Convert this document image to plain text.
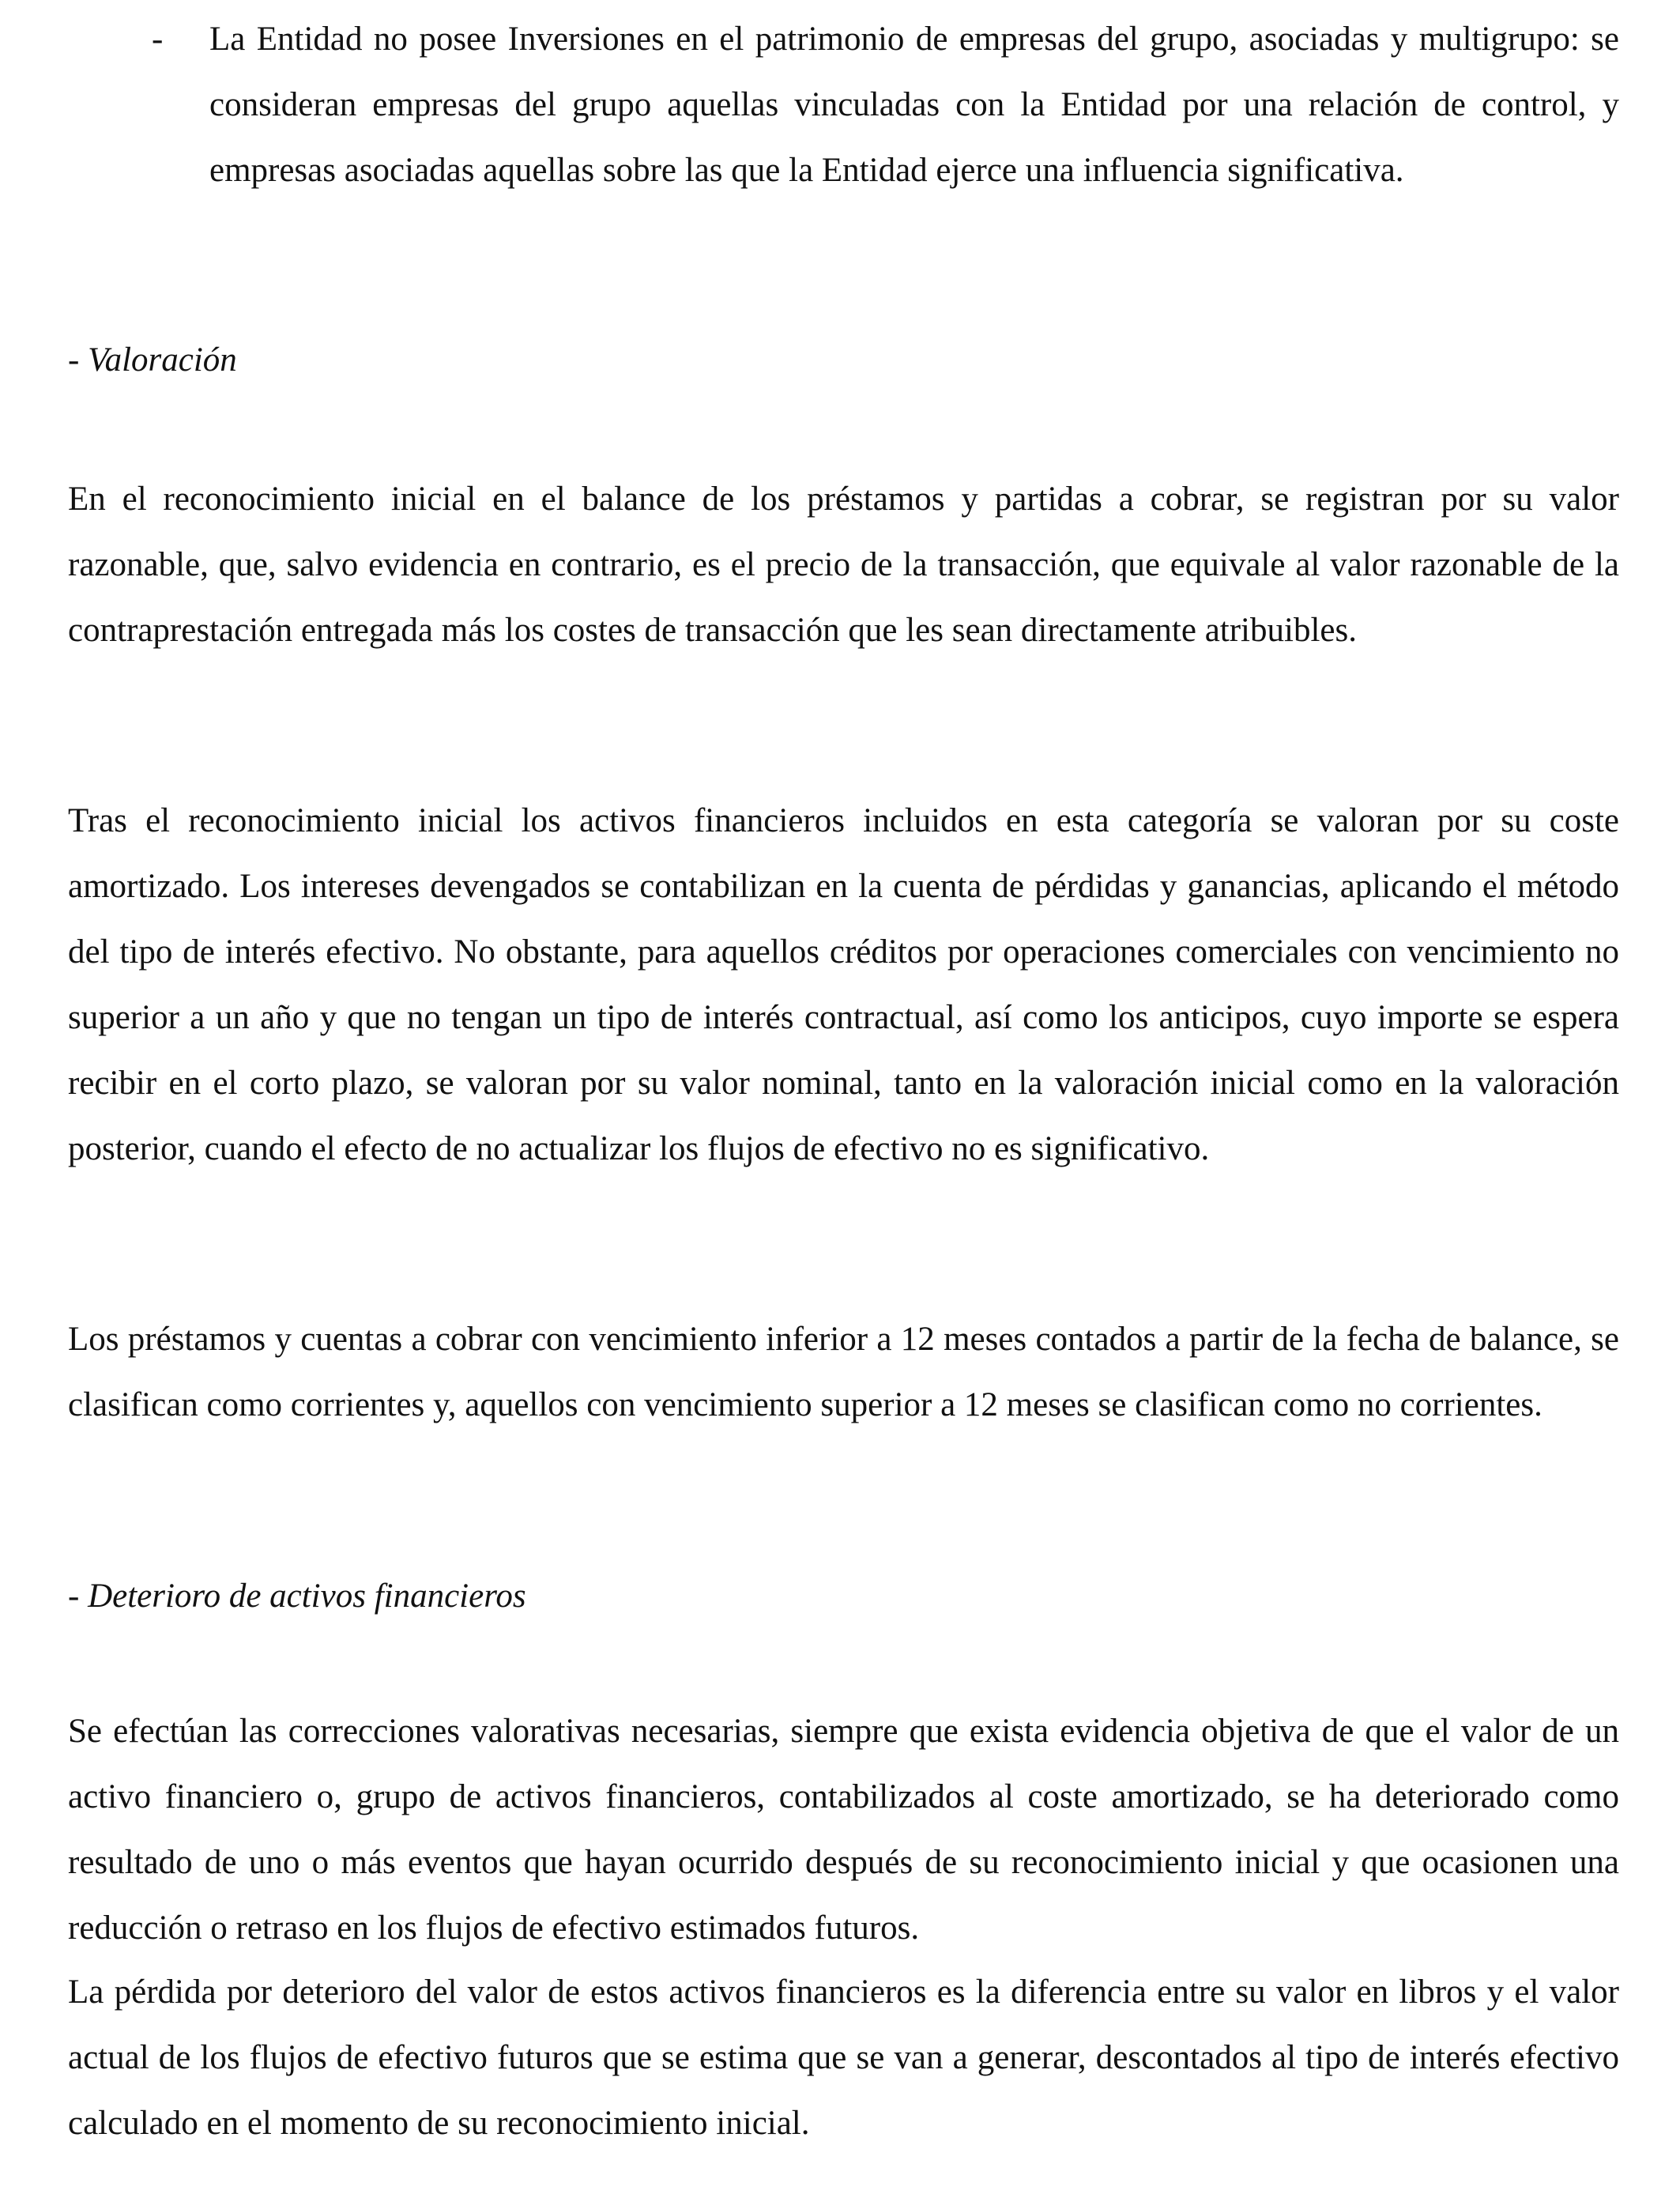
-	La Entidad no posee Inversiones en el patrimonio de empresas del grupo, asociadas y multigrupo: se consideran empresas del grupo aquellas vinculadas con la Entidad por una relación de control, y empresas asociadas aquellas sobre las que la Entidad ejerce una influencia significativa.

- Valoración

En el reconocimiento inicial en el balance de los préstamos y partidas a cobrar, se registran por su valor razonable, que, salvo evidencia en contrario, es el precio de la transacción, que equivale al valor razonable de la contraprestación entregada más los costes de transacción que les sean directamente atribuibles.

Tras el reconocimiento inicial los activos financieros incluidos en esta categoría se valoran por su coste amortizado. Los intereses devengados se contabilizan en la cuenta de pérdidas y ganancias, aplicando el método del tipo de interés efectivo. No obstante, para aquellos créditos por operaciones comerciales con vencimiento no superior a un año y que no tengan un tipo de interés contractual, así como los anticipos, cuyo importe se espera recibir en el corto plazo, se valoran por su valor nominal, tanto en la valoración inicial como en la valoración posterior, cuando el efecto de no actualizar los flujos de efectivo no es significativo.

Los préstamos y cuentas a cobrar con vencimiento inferior a 12 meses contados a partir de la fecha de balance, se clasifican como corrientes y, aquellos con vencimiento superior a 12 meses se clasifican como no corrientes.

- Deterioro de activos financieros

Se efectúan las correcciones valorativas necesarias, siempre que exista evidencia objetiva de que el valor de un activo financiero o, grupo de activos financieros, contabilizados al coste amortizado, se ha deteriorado como resultado de uno o más eventos que hayan ocurrido después de su reconocimiento inicial y que ocasionen una reducción o retraso en los flujos de efectivo estimados futuros.

La pérdida por deterioro del valor de estos activos financieros es la diferencia entre su valor en libros y el valor actual de los flujos de efectivo futuros que se estima que se van a generar, descontados al tipo de interés efectivo calculado en el momento de su reconocimiento inicial.
